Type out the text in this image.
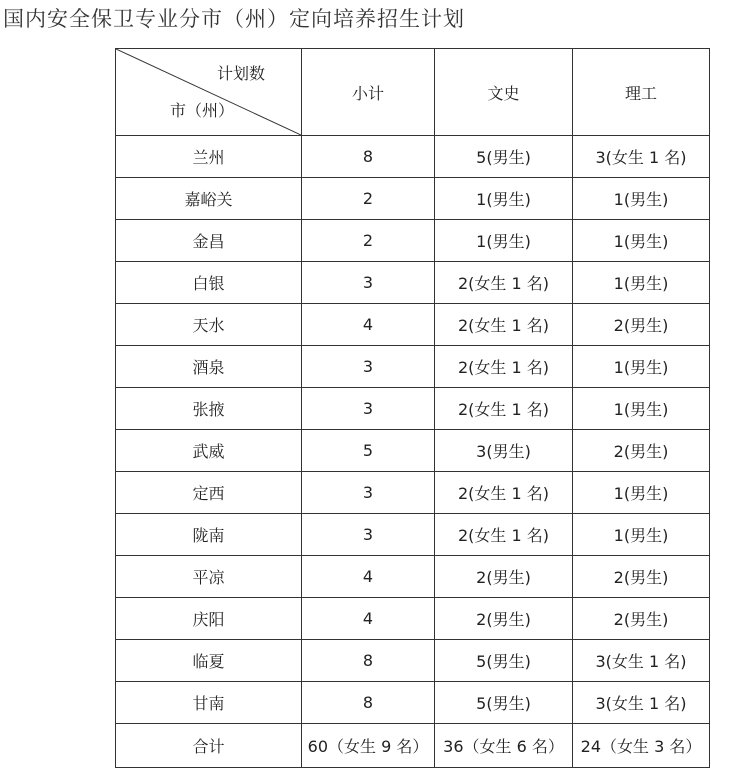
国内安全保卫专业分市（州）定向培养招生计划
计划数
市（州）	小计	文史	理工
兰州	8	5(男生)	3(女生 1 名)
嘉峪关	2	1(男生)	1(男生)
金昌	2	1(男生)	1(男生)
白银	3	2(女生 1 名)	1(男生)
天水	4	2(女生 1 名)	2(男生)
酒泉	3	2(女生 1 名)	1(男生)
张掖	3	2(女生 1 名)	1(男生)
武威	5	3(男生)	2(男生)
定西	3	2(女生 1 名)	1(男生)
陇南	3	2(女生 1 名)	1(男生)
平凉	4	2(男生)	2(男生)
庆阳	4	2(男生)	2(男生)
临夏	8	5(男生)	3(女生 1 名)
甘南	8	5(男生)	3(女生 1 名)
合计	60（女生 9 名）	36（女生 6 名）	24（女生 3 名）
